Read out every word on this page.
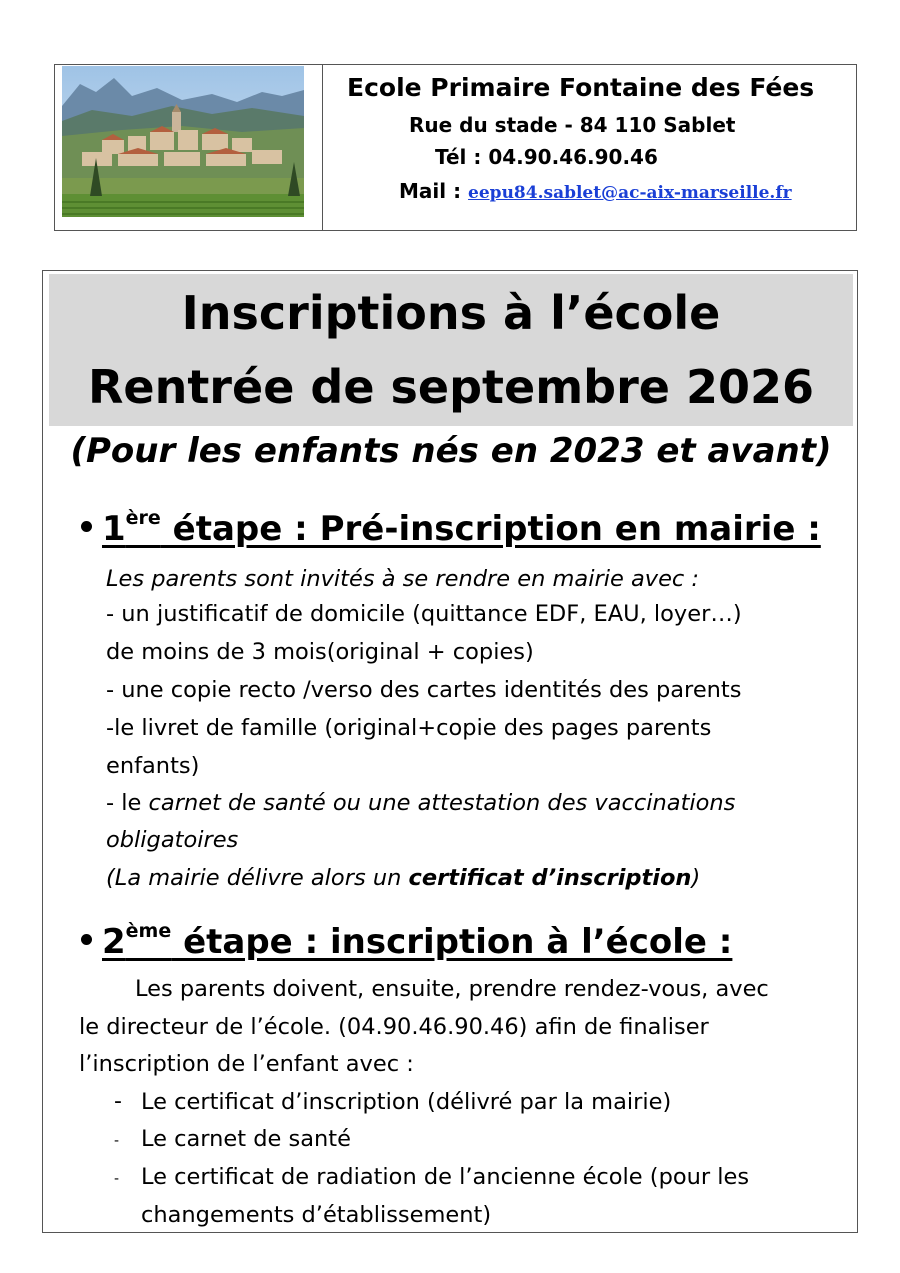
Ecole Primaire Fontaine des Fées
Rue du stade - 84 110 Sablet
Tél : 04.90.46.90.46
Mail : eepu84.sablet@ac-aix-marseille.fr
Inscriptions à l’école
Rentrée de septembre 2026
(Pour les enfants nés en 2023 et avant)
1ère étape : Pré-inscription en mairie :
Les parents sont invités à se rendre en mairie avec :
- un justificatif de domicile (quittance EDF, EAU, loyer…)
de moins de 3 mois(original + copies)
- une copie recto /verso des cartes identités des parents
-le livret de famille (original+copie des pages parents
enfants)
- le carnet de santé ou une attestation des vaccinations
obligatoires
(La mairie délivre alors un certificat d’inscription)
2ème étape : inscription à l’école :
Les parents doivent, ensuite, prendre rendez-vous, avec
le directeur de l’école. (04.90.46.90.46) afin de finaliser
l’inscription de l’enfant avec :
- Le certificat d’inscription (délivré par la mairie)
- Le carnet de santé
- Le certificat de radiation de l’ancienne école (pour les
changements d’établissement)
